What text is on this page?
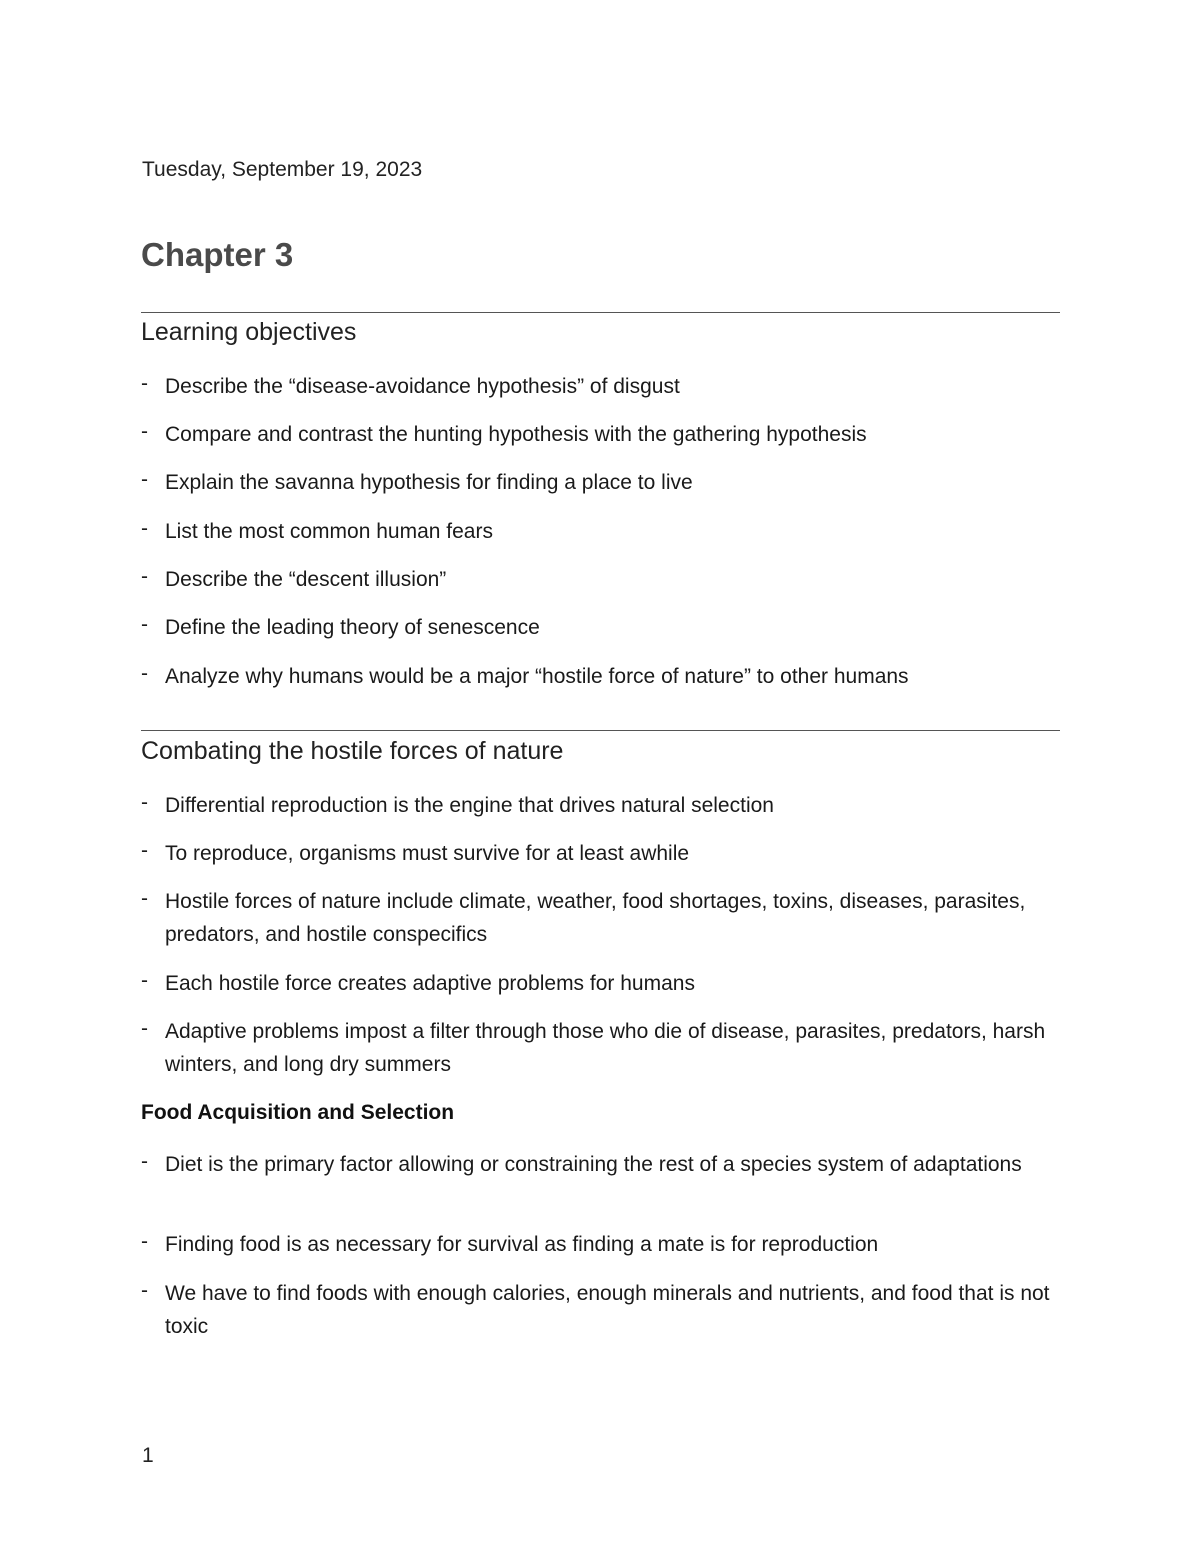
Tuesday, September 19, 2023
Chapter 3
Learning objectives
- Describe the “disease-avoidance hypothesis” of disgust
- Compare and contrast the hunting hypothesis with the gathering hypothesis
- Explain the savanna hypothesis for finding a place to live
- List the most common human fears
- Describe the “descent illusion”
- Define the leading theory of senescence
- Analyze why humans would be a major “hostile force of nature” to other humans
Combating the hostile forces of nature
- Differential reproduction is the engine that drives natural selection
- To reproduce, organisms must survive for at least awhile
- Hostile forces of nature include climate, weather, food shortages, toxins, diseases, parasites, predators, and hostile conspecifics
- Each hostile force creates adaptive problems for humans
- Adaptive problems impost a filter through those who die of disease, parasites, predators, harsh winters, and long dry summers
Food Acquisition and Selection
- Diet is the primary factor allowing or constraining the rest of a species system of adaptations
- Finding food is as necessary for survival as finding a mate is for reproduction
- We have to find foods with enough calories, enough minerals and nutrients, and food that is not toxic
1
